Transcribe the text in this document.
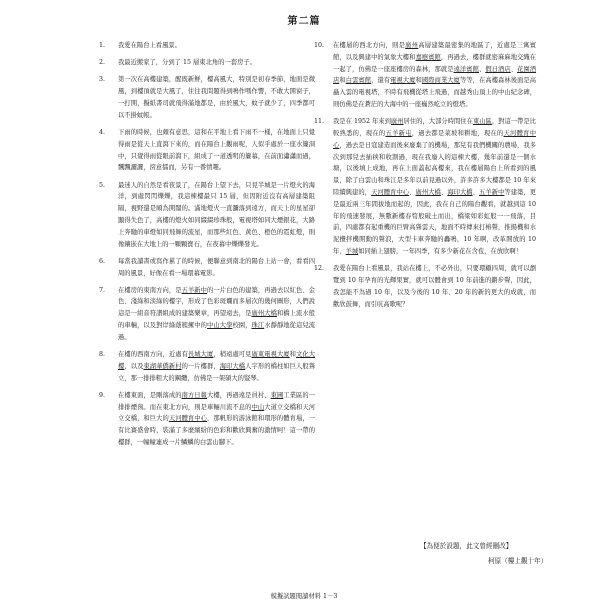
第二篇
1. 我愛在陽台上看風景。
2. 我最近搬家了，分到了 15 層東北角的一套房子。
3. 第一次在高樓建築，醒既新鮮，樓高風大，特別是初春季節，地面是微風，到樓頂就是大風了，住往我問題得到鳴作嗎作響，不敢大開窗子，一打開，擬紙書司就飛得滿地都是，由於風大，蚊子就少了，四季都可以不掛蚊帳。
4. 下雨的時候，也頗有意思，這和在平地上看下雨不一樣，在地面上只覺得雨是從天上直瀉下來的，而在陽台上觀雨呢，人似乎處於一座水簾洞中，只覺得雨從眼前瀉下，組成了一道透明的簾幕，在前面瀟瀟而過，飄飄灑灑，滂意擂而，另有一番情趣。
5. 最迷人的自然是看夜景了，在陽台上望下去，只見半城是一片燈火的海洋，到處閃閃爍爍，我這棟樓最只 15 層，但因附近沒有高層建築阻隔，視野還是頗為開闊的。滿地燈火一直瀰落到遠方，而天上的星星卻顯得失色了，高樓的燈火如同綴綴珍珠般，電視塔如同大煙銀花，大路上奔馳的車燈如同飛舞的流星，而那些紅色、黃色、橙色的霓虹燈，則像鑲嵌在大地上的一顆顆寶石，在夜幕中爍爍發光。
6. 每當我讀書或寫作累了的時候，便聯意到南北的陽台上站一會，看看四周的風景，好像在看一場環幕電影。
7. 在樓房的東南方向，是五羊新中的一片白色的建築，再過去以紅色、金色、淺綠和淡綠的樓宇，形成了色彩斑斕而多層次的幾何圖形，人們說這是一組音符譜組成的建築樂章，再望遠去，是廣州大橋和橋上流水般的車輛，以及對岸綠蔭簇擁中的中山大學校園，珠江水靜靜地從這兒流過。
8. 在樓的西南方向，近處有長城大廈，稍遠處可見廣東電視大廈和文化大樓，以及東湖華僑新村的一片樓群，海印大橋人字形的橋柱如巨人般聳立，那一排排粗大的鋼纜，仿佛是一架碩大的豎琴。
9. 在樓東面，是剛落成的南方日報大樓，再過遠是員村、東圃工業區的一排排煙囪。而在東北方向，則是車輛川流不息的中山大道立交橋和天河立交橋，和巨大的天河體育中心，那帆形的游泳館和環形的體育場，一有比賽盛會時，裝滿了多麼繽紛的色彩和歡欣興奮的激情呵！這一帶的樓群，一幢幢連成一片鱗鱗的白雲山腳下。
10. 在樓層的西北方向，則是廣州高層建築最密集的地區了，近處是三寓賓館，以及興建中的氣象大樓和嘉應賓館，再過去，樓群就密麻麻地交織在一起了，仿佛是一座座樓房的森林，那就是遠洋賓館、假日酒店、花園酒店和白雲賓館，還有電視大廈和國際商業大廈等等，在高樓森林後面是高矗入雲的電視塔，不時有飛機從塔上飛過，而越秀山頂上的中山紀念碑，則仿佛是在蒼茫的大海中的一座巍然屹立的燈塔。
11. 我是在 1952 年來到廣州居住的，大部分時間住在東山區，對這一帶是比較熟悉的，現在的五羊新屯，過去都是菜坡和耕地，現在的天河體育中心，過去是日寇建造而後來廢棄了的機場，那兒有我們機關的農場，我多次到那兒去插秧和收割過，現在我廢入的這棟大樓，幾年前還是一個水塘，以後填上成地，再在上面蓋起高樓來，我在樓層陽台上所看到的風景，除了白雲山和珠江是多年以前見過以外，許多許多大樓都是 10 年來陸續興建的，天河體育中心、廣州大橋、海印大橋、五羊新中等建築，更是最近兩三年間拔地而起的，因此，我在自己的陽台觀看，就越到這 10 年的飛速發展，無數新樓春筍般破土而出，橋梁如彩虹般一一飛落，目前，四處都有起重機的巨臂高聳雲天，地面不時傳來打樁聲，推揚機和水泥攪拌機開動的聲浪，大型卡車奔馳的轟鳴，10 年啊，改革開放的 10 年，羊城如同插上翅膀，一年四季，有多少新花在含苞，在放欣啊！
12. 我愛在陽台上看風景，我站在樓上，不必外出，只要環顧四周，就可以瀏覽到 10 年孕育的光輝果實，就可以體會到 10 年前進的鏘步聲，因此，我怎能不為過 10 年，以及今後的 10 年、20 年的新的更大的成就，而歡欣鼓舞，而引吭高歌呢？
【為便於設題，此文曾經刪改】
柯原（樓上觀十年）
模擬試題閱讀材料 1－3
